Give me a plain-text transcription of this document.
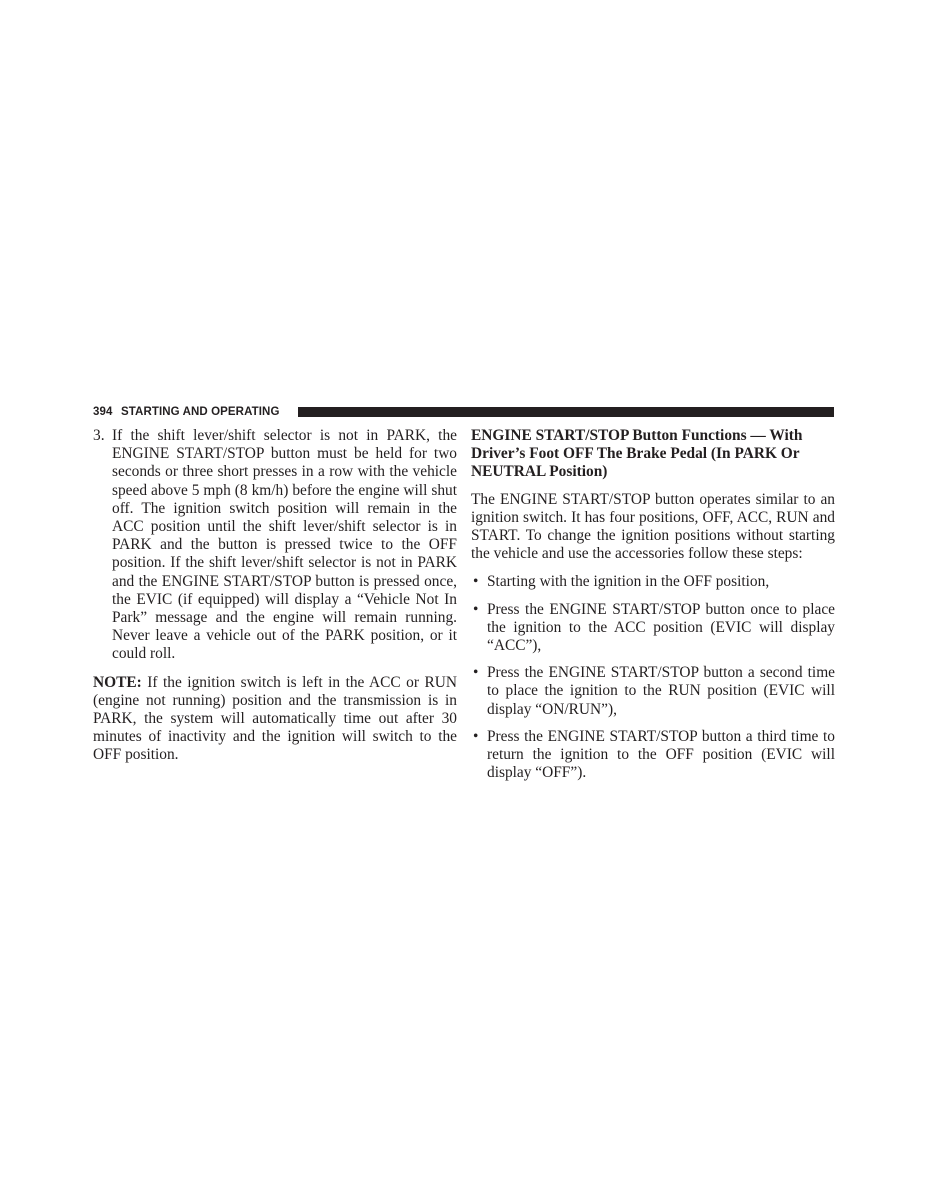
394 STARTING AND OPERATING

3. If the shift lever/shift selector is not in PARK, the ENGINE START/STOP button must be held for two seconds or three short presses in a row with the vehicle speed above 5 mph (8 km/h) before the engine will shut off. The ignition switch position will remain in the ACC position until the shift lever/shift selector is in PARK and the button is pressed twice to the OFF position. If the shift lever/shift selector is not in PARK and the ENGINE START/STOP button is pressed once, the EVIC (if equipped) will display a “Vehicle Not In Park” message and the engine will remain running. Never leave a vehicle out of the PARK position, or it could roll.

NOTE: If the ignition switch is left in the ACC or RUN (engine not running) position and the transmission is in PARK, the system will automatically time out after 30 minutes of inactivity and the ignition will switch to the OFF position.

ENGINE START/STOP Button Functions — With Driver’s Foot OFF The Brake Pedal (In PARK Or NEUTRAL Position)

The ENGINE START/STOP button operates similar to an ignition switch. It has four positions, OFF, ACC, RUN and START. To change the ignition positions without starting the vehicle and use the accessories follow these steps:

• Starting with the ignition in the OFF position,
• Press the ENGINE START/STOP button once to place the ignition to the ACC position (EVIC will display “ACC”),
• Press the ENGINE START/STOP button a second time to place the ignition to the RUN position (EVIC will display “ON/RUN”),
• Press the ENGINE START/STOP button a third time to return the ignition to the OFF position (EVIC will display “OFF”).
